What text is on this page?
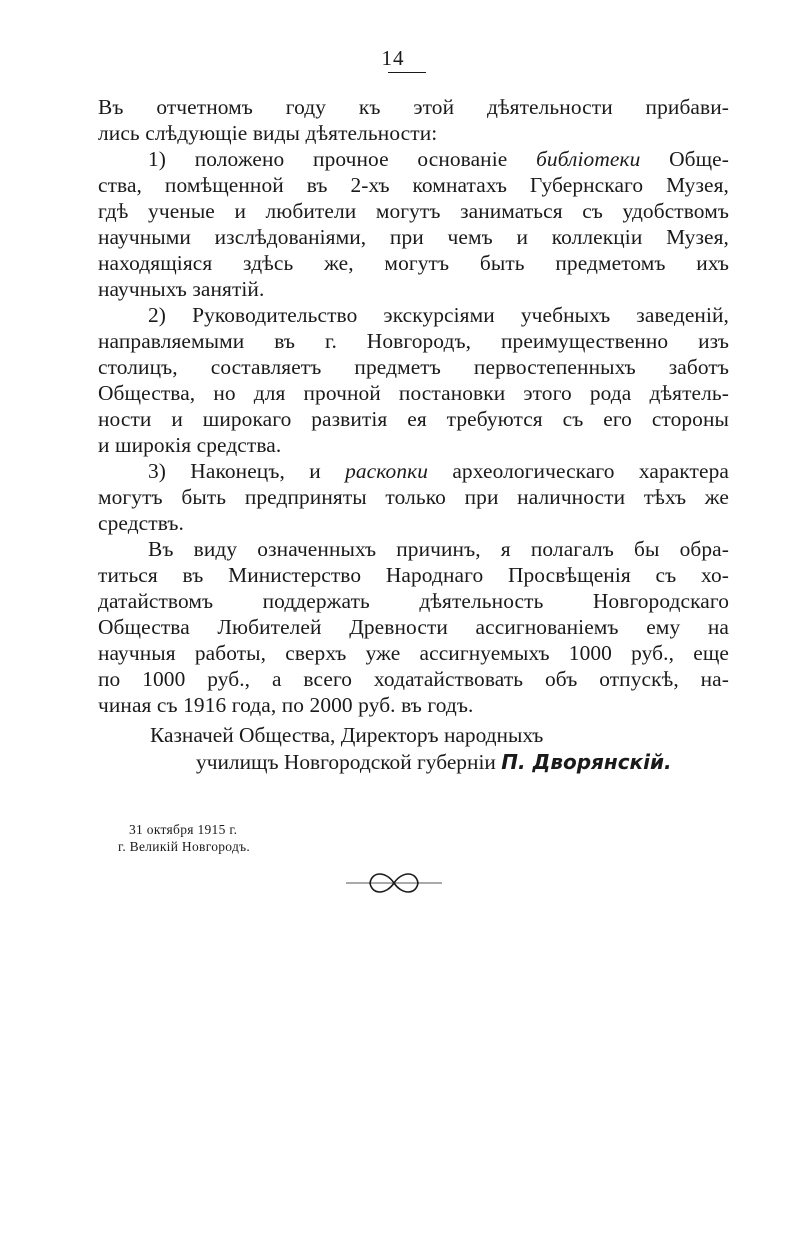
14
Въ отчетномъ году къ этой дѣятельности прибави-
лись слѣдующіе виды дѣятельности:
1) положено прочное основаніе библіотеки Обще-
ства, помѣщенной въ 2-хъ комнатахъ Губернскаго Музея,
гдѣ ученые и любители могутъ заниматься съ удобствомъ
научными изслѣдованіями, при чемъ и коллекціи Музея,
находящіяся здѣсь же, могутъ быть предметомъ ихъ
научныхъ занятій.
2) Руководительство экскурсіями учебныхъ заведеній,
направляемыми въ г. Новгородъ, преимущественно изъ
столицъ, составляетъ предметъ первостепенныхъ заботъ
Общества, но для прочной постановки этого рода дѣятель-
ности и широкаго развитія ея требуются съ его стороны
и широкія средства.
3) Наконецъ, и раскопки археологическаго характера
могутъ быть предприняты только при наличности тѣхъ же
средствъ.
Въ виду означенныхъ причинъ, я полагалъ бы обра-
титься въ Министерство Народнаго Просвѣщенія съ хо-
датайствомъ поддержать дѣятельность Новгородскаго
Общества Любителей Древности ассигнованіемъ ему на
научныя работы, сверхъ уже ассигнуемыхъ 1000 руб., еще
по 1000 руб., а всего ходатайствовать объ отпускѣ, на-
чиная съ 1916 года, по 2000 руб. въ годъ.
Казначей Общества, Директоръ народныхъ
училищъ Новгородской губерніи П. Дворянскій.
31 октября 1915 г.
г. Великій Новгородъ.
